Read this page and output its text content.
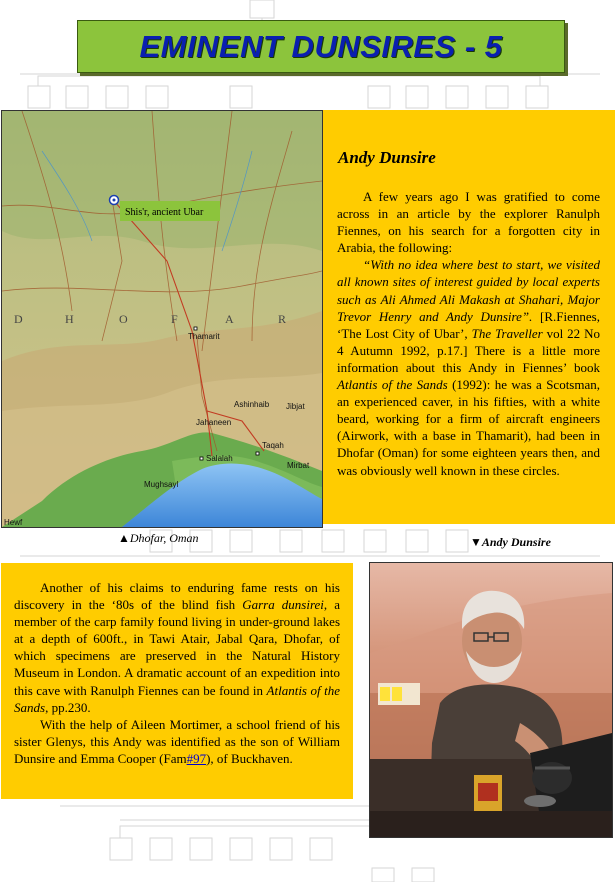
EMINENT DUNSIRES - 5
D	H	O	F	A	R
Shis'r, ancient Ubar
Thamarit
Ashinhaib Jibjat
Jahaneen
Taqah
Salalah
Mirbat
Mughsayl
Hewf
Andy Dunsire

A few years ago I was gratified to come across in an article by the explorer Ranulph Fiennes, on his search for a forgotten city in Arabia, the following:

“With no idea where best to start, we visited all known sites of interest guided by local experts such as Ali Ahmed Ali Makash at Shahari, Major Trevor Henry and Andy Dunsire”. [R.Fiennes, ‘The Lost City of Ubar’, The Traveller vol 22 No 4 Autumn 1992, p.17.] There is a little more information about this Andy in Fiennes’ book Atlantis of the Sands (1992): he was a Scotsman, an experienced caver, in his fifties, with a white beard, working for a firm of aircraft engineers (Airwork, with a base in Thamarit), had been in Dhofar (Oman) for some eighteen years then, and was obviously well known in these circles.

▲Dhofar, Oman	▼Andy Dunsire

Another of his claims to enduring fame rests on his discovery in the ‘80s of the blind fish Garra dunsirei, a member of the carp family found living in under-ground lakes at a depth of 600ft., in Tawi Atair, Jabal Qara, Dhofar, of which specimens are preserved in the Natural History Museum in London. A dramatic account of an expedition into this cave with Ranulph Fiennes can be found in Atlantis of the Sands, pp.230.

With the help of Aileen Mortimer, a school friend of his sister Glenys, this Andy was identified as the son of William Dunsire and Emma Cooper (Fam#97), of Buckhaven.
